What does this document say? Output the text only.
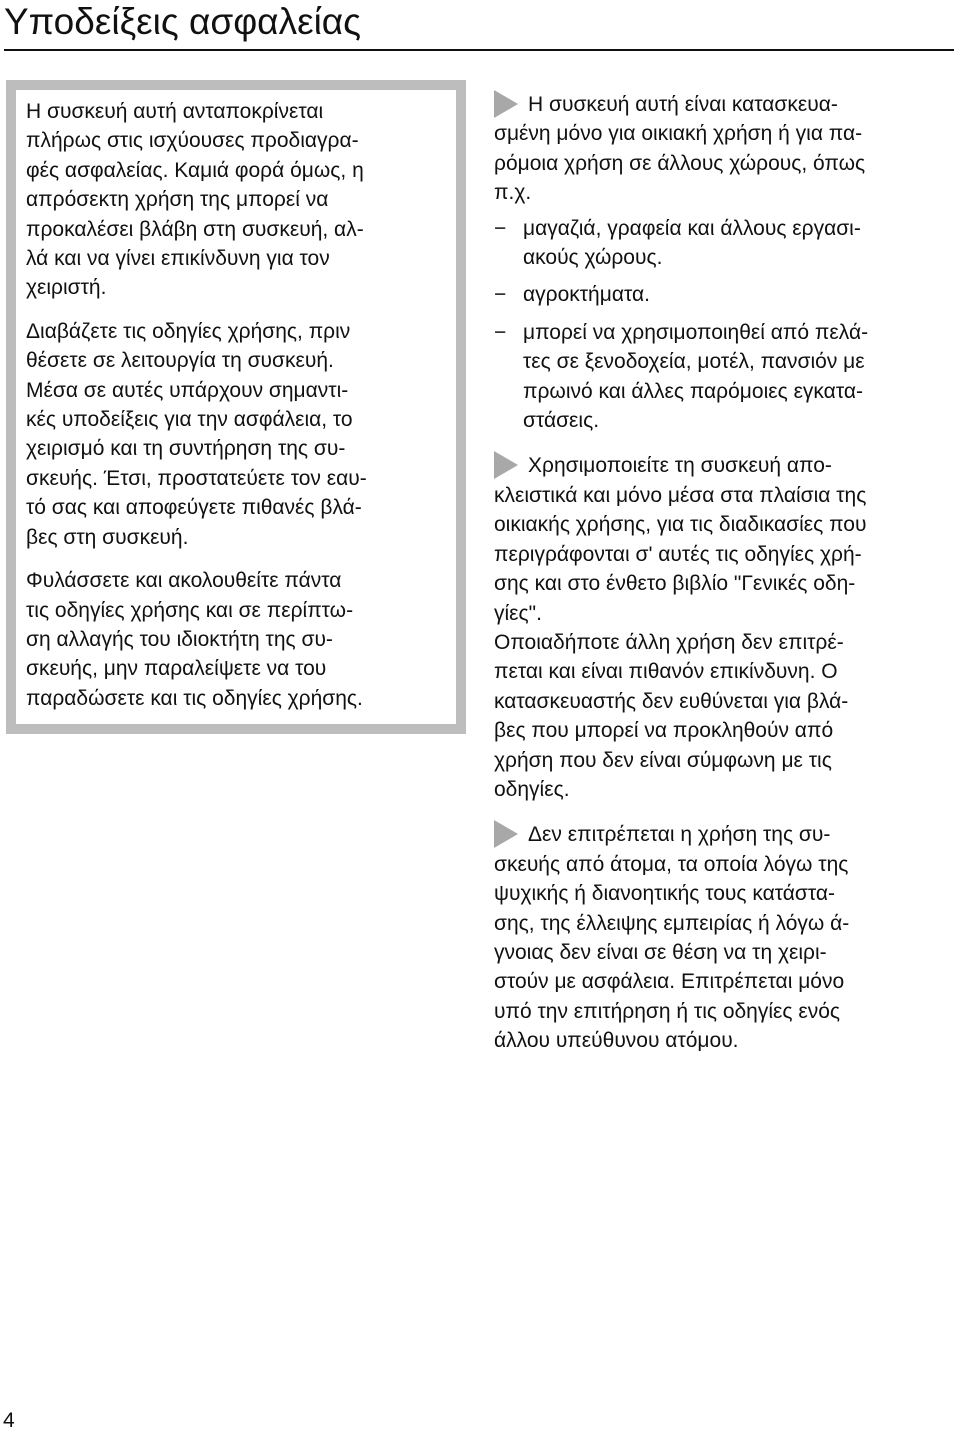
Υποδείξεις ασφαλείας

Η συσκευή αυτή ανταποκρίνεται
πλήρως στις ισχύουσες προδιαγρα-
φές ασφαλείας. Καμιά φορά όμως, η
απρόσεκτη χρήση της μπορεί να
προκαλέσει βλάβη στη συσκευή, αλ-
λά και να γίνει επικίνδυνη για τον
χειριστή.

Διαβάζετε τις οδηγίες χρήσης, πριν
θέσετε σε λειτουργία τη συσκευή.
Μέσα σε αυτές υπάρχουν σημαντι-
κές υποδείξεις για την ασφάλεια, το
χειρισμό και τη συντήρηση της συ-
σκευής. Έτσι, προστατεύετε τον εαυ-
τό σας και αποφεύγετε πιθανές βλά-
βες στη συσκευή.

Φυλάσσετε και ακολουθείτε πάντα
τις οδηγίες χρήσης και σε περίπτω-
ση αλλαγής του ιδιοκτήτη της συ-
σκευής, μην παραλείψετε να του
παραδώσετε και τις οδηγίες χρήσης.

Η συσκευή αυτή είναι κατασκευα-
σμένη μόνο για οικιακή χρήση ή για πα-
ρόμοια χρήση σε άλλους χώρους, όπως
π.χ.

− μαγαζιά, γραφεία και άλλους εργασι-
ακούς χώρους.
− αγροκτήματα.
− μπορεί να χρησιμοποιηθεί από πελά-
τες σε ξενοδοχεία, μοτέλ, πανσιόν με
πρωινό και άλλες παρόμοιες εγκατα-
στάσεις.

Χρησιμοποιείτε τη συσκευή απο-
κλειστικά και μόνο μέσα στα πλαίσια της
οικιακής χρήσης, για τις διαδικασίες που
περιγράφονται σ' αυτές τις οδηγίες χρή-
σης και στο ένθετο βιβλίο "Γενικές οδη-
γίες".
Οποιαδήποτε άλλη χρήση δεν επιτρέ-
πεται και είναι πιθανόν επικίνδυνη. Ο
κατασκευαστής δεν ευθύνεται για βλά-
βες που μπορεί να προκληθούν από
χρήση που δεν είναι σύμφωνη με τις
οδηγίες.

Δεν επιτρέπεται η χρήση της συ-
σκευής από άτομα, τα οποία λόγω της
ψυχικής ή διανοητικής τους κατάστα-
σης, της έλλειψης εμπειρίας ή λόγω ά-
γνοιας δεν είναι σε θέση να τη χειρι-
στούν με ασφάλεια. Επιτρέπεται μόνο
υπό την επιτήρηση ή τις οδηγίες ενός
άλλου υπεύθυνου ατόμου.

4
